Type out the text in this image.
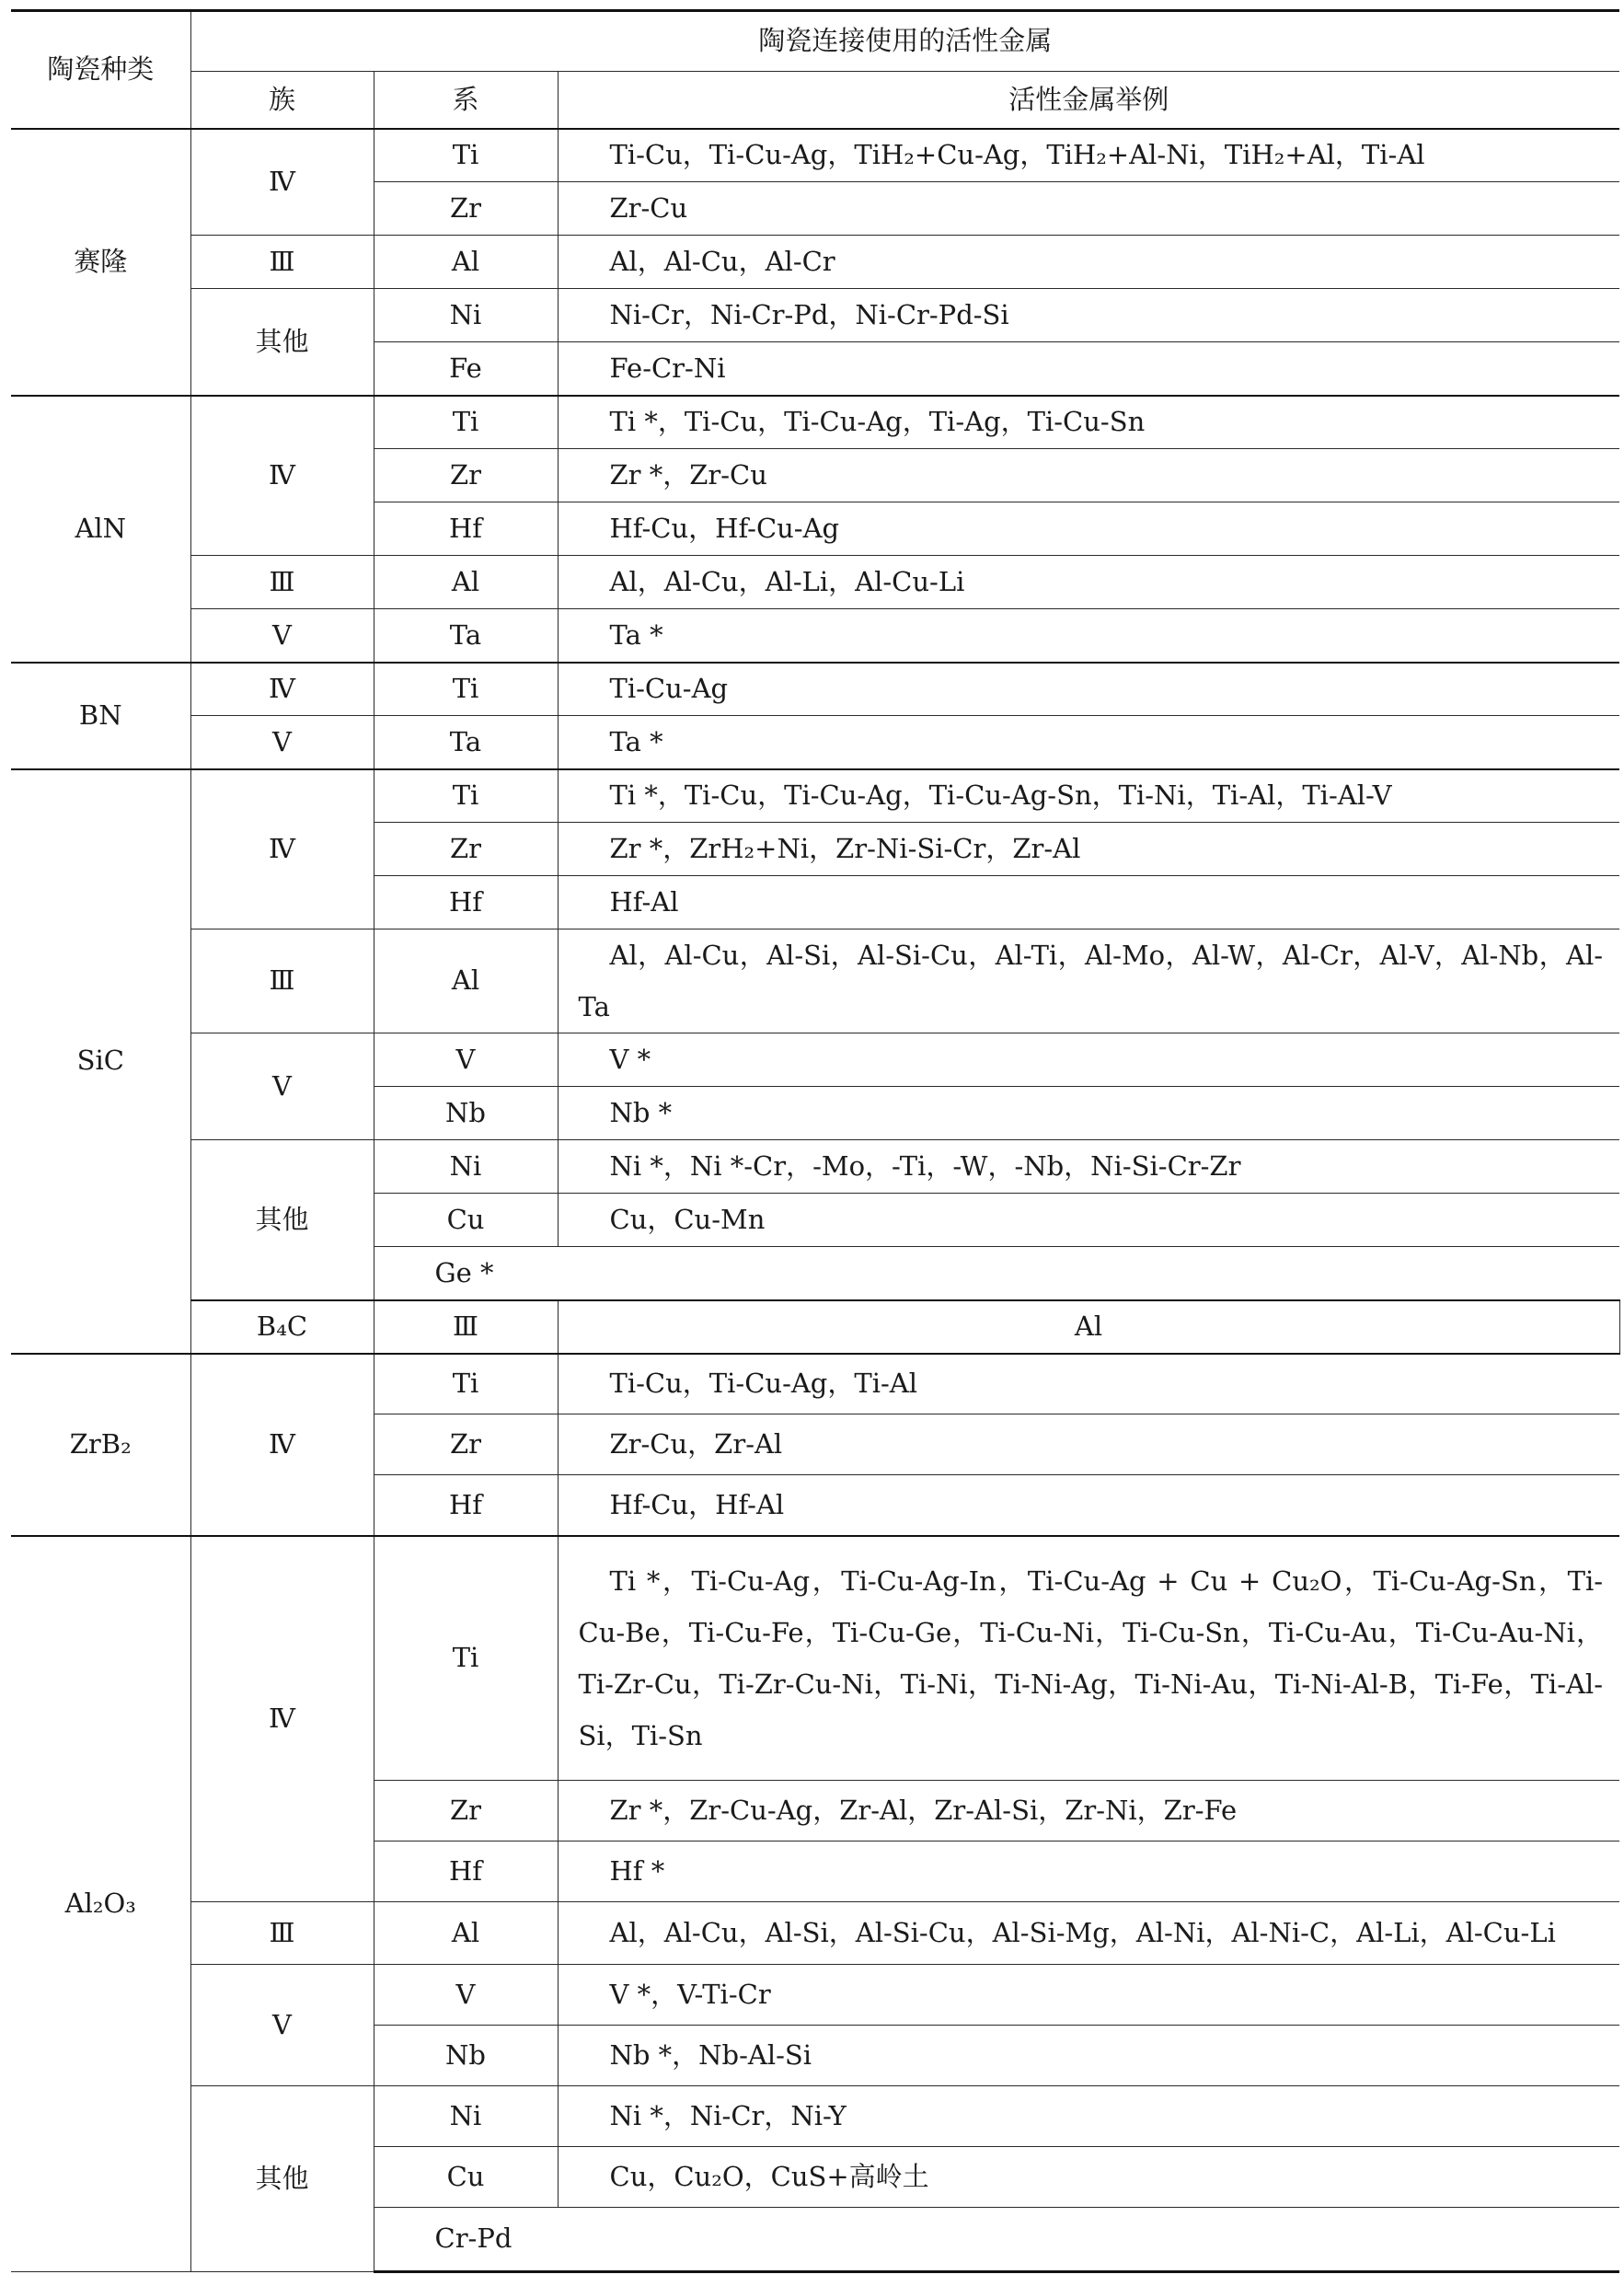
陶瓷种类	陶瓷连接使用的活性金属			
	族	系	活性金属举例	
赛隆	Ⅳ	Ti	Ti-Cu，Ti-Cu-Ag，TiH₂+Cu-Ag，TiH₂+Al-Ni，TiH₂+Al，Ti-Al	
		Zr	Zr-Cu	
	Ⅲ	Al	Al，Al-Cu，Al-Cr	
	其他	Ni	Ni-Cr，Ni-Cr-Pd，Ni-Cr-Pd-Si	
		Fe	Fe-Cr-Ni	
AlN	Ⅳ	Ti	Ti *，Ti-Cu，Ti-Cu-Ag，Ti-Ag，Ti-Cu-Sn	
		Zr	Zr *，Zr-Cu	
		Hf	Hf-Cu，Hf-Cu-Ag	
	Ⅲ	Al	Al，Al-Cu，Al-Li，Al-Cu-Li	
	Ⅴ	Ta	Ta *	
BN	Ⅳ	Ti	Ti-Cu-Ag	
	Ⅴ	Ta	Ta *	
SiC	Ⅳ	Ti	Ti *，Ti-Cu，Ti-Cu-Ag，Ti-Cu-Ag-Sn，Ti-Ni，Ti-Al，Ti-Al-V	
		Zr	Zr *，ZrH₂+Ni，Zr-Ni-Si-Cr，Zr-Al	
		Hf	Hf-Al	
	Ⅲ	Al	Al，Al-Cu，Al-Si，Al-Si-Cu，Al-Ti，Al-Mo，Al-W，Al-Cr，Al-V，Al-Nb，Al-Ta	
	Ⅴ	V	V *	
		Nb	Nb *	
	其他	Ni	Ni *，Ni *-Cr，-Mo，-Ti，-W，-Nb，Ni-Si-Cr-Zr	
		Cu	Cu，Cu-Mn	
		Ge *		
	B₄C	Ⅲ	Al	
ZrB₂	Ⅳ	Ti	Ti-Cu，Ti-Cu-Ag，Ti-Al	
		Zr	Zr-Cu，Zr-Al	
		Hf	Hf-Cu，Hf-Al	
Al₂O₃	Ⅳ	Ti	Ti *，Ti-Cu-Ag，Ti-Cu-Ag-In，Ti-Cu-Ag + Cu + Cu₂O，Ti-Cu-Ag-Sn，Ti-Cu-Be，Ti-Cu-Fe，Ti-Cu-Ge，Ti-Cu-Ni，Ti-Cu-Sn，Ti-Cu-Au，Ti-Cu-Au-Ni，Ti-Zr-Cu，Ti-Zr-Cu-Ni，Ti-Ni，Ti-Ni-Ag，Ti-Ni-Au，Ti-Ni-Al-B，Ti-Fe，Ti-Al-Si，Ti-Sn	
		Zr	Zr *，Zr-Cu-Ag，Zr-Al，Zr-Al-Si，Zr-Ni，Zr-Fe	
		Hf	Hf *	
	Ⅲ	Al	Al，Al-Cu，Al-Si，Al-Si-Cu，Al-Si-Mg，Al-Ni，Al-Ni-C，Al-Li，Al-Cu-Li	
	Ⅴ	V	V *，V-Ti-Cr	
		Nb	Nb *，Nb-Al-Si	
	其他	Ni	Ni *，Ni-Cr，Ni-Y	
		Cu	Cu，Cu₂O，CuS+高岭土	
		Cr-Pd		
